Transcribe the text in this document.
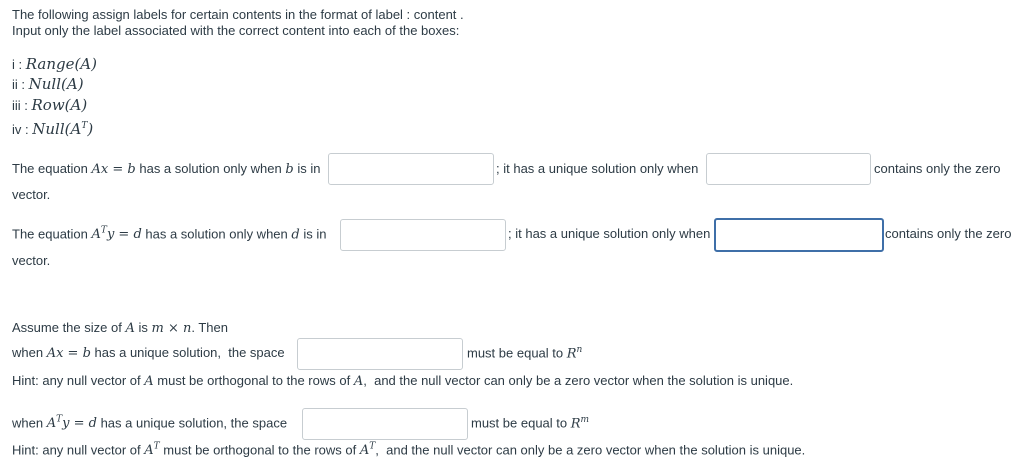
The following assign labels for certain contents in the format of label : content .
Input only the label associated with the correct content into each of the boxes:
i : Range(A)
ii : Null(A)
iii : Row(A)
iv : $Null(A^T)$
The equation Ax = b has a solution only when b is in	; it has a unique solution only when	contains only the zero
vector.
The equation $A^Ty = d$ has a solution only when d is in	; it has a unique solution only when	contains only the zero
vector.
Assume the size of A is m × n. Then
when Ax = b has a unique solution, the space	must be equal to $R^n$
Hint: any null vector of A must be orthogonal to the rows of A, and the null vector can only be a zero vector when the solution is unique.
when $A^Ty = d$ has a unique solution, the space	must be equal to $R^m$
Hint: any null vector of $A^T$ must be orthogonal to the rows of $A^T$, and the null vector can only be a zero vector when the solution is unique.
